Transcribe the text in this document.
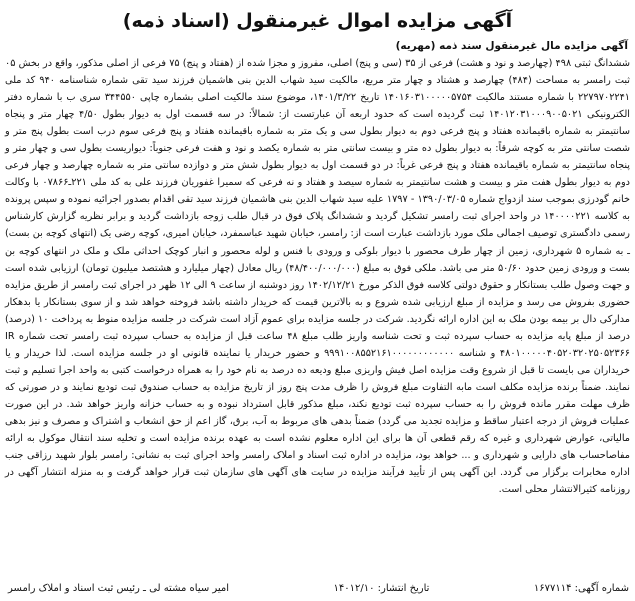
آگهی مزایده اموال غیرمنقول (اسناد ذمه)
آگهی مزایده مال غیرمنقول سند ذمه (مهریه)

ششدانگ ثبتی ۴۹۸ (چهارصد و نود و هشت) فرعی از ۳۵ (سی و پنج) اصلی، مفروز و مجزا شده از (هفتاد و پنج) ۷۵ فرعی از اصلی مذکور، واقع در بخش ۰۵ ثبت رامسر به مساحت (۴۸۴) چهارصد و هشتاد و چهار متر مربع، مالکیت سید شهاب الدین بنی هاشمیان فرزند سید تقی شماره شناسنامه ۹۴۰ کد ملی ۲۲۷۹۷۰۲۲۴۱ با شماره مستند مالکیت ۱۴۰۱۶۰۳۱۰۰۰۰۰۵۷۵۴ تاریخ ۱۴۰۱/۳/۲۲، موضوع سند مالکیت اصلی بشماره چاپی ۳۴۴۵۵۰ سری ب با شماره دفتر الکترونیکی ۱۴۰۱۲۰۳۱۰۰۰۹۰۰۵۰۲۱ ثبت گردیده است که حدود اربعه آن عبارتست از: شمالاً: در سه قسمت اول به دیوار بطول ۴/۵۰ چهار متر و پنجاه سانتیمتر به شماره باقیمانده هفتاد و پنج فرعی دوم به دیوار بطول سی و یک متر به شماره باقیمانده هفتاد و پنج فرعی سوم درب است بطول پنج متر و شصت سانتی متر به کوچه شرقاً: به دیوار بطول ده متر و بیست سانتی متر به شماره یکصد و نود و هفت فرعی جنوباً: دیواریست بطول سی و چهار متر و پنجاه سانتیمتر به شماره باقیمانده هفتاد و پنج فرعی غرباً: در دو قسمت اول به دیوار بطول شش متر و دوازده سانتی متر به شماره چهارصد و چهار فرعی دوم به دیوار بطول هفت متر و بیست و هشت سانتیمتر به شماره سیصد و هفتاد و نه فرعی که سمیرا غفوریان فرزند علی به کد ملی ۲۲۱ـ۰۷۸۶۶ با وکالت خانم گودرزی بموجب سند ازدواج شماره ۱۳۹۰/۰۳/۰۵ - ۱۷۹۷ علیه سید شهاب الدین بنی هاشمیان فرزند سید تقی اقدام بصدور اجرائیه نموده و سپس پرونده به کلاسه ۱۴۰۰۰۰۲۲۱ در واحد اجرای ثبت رامسر تشکیل گردید و ششدانگ پلاک فوق در قبال طلب زوجه بازداشت گردید و برابر نظریه گزارش کارشناس رسمی دادگستری توصیف اجمالی ملک مورد بازداشت عبارت است از: رامسر، خیابان شهید عباسمفرد، خیابان امیری، کوچه رضی یک (انتهای کوچه بن بست) ـ به شماره ۵ شهرداری، زمین از چهار طرف محصور با دیوار بلوکی و ورودی با فنس و لوله محصور و انبار کوچک احداثی ملک و ملک در انتهای کوچه بن بست و ورودی زمین حدود ۵۰/۶۰ متر می باشد. ملکی فوق به مبلغ (۴۸/۴۰۰/۰۰۰/۰۰۰) ریال معادل (چهار میلیارد و هشتصد میلیون تومان) ارزیابی شده است و جهت وصول طلب بستانکار و حقوق دولتی کلاسه فوق الذکر مورخ ۱۴۰۲/۱۲/۲۱ روز دوشنبه از ساعت ۹ الی ۱۲ ظهر در اجرای ثبت رامسر از طریق مزایده حضوری بفروش می رسد و مزایده از مبلغ ارزیابی شده شروع و به بالاترین قیمت که خریدار داشته باشد فروخته خواهد شد و از سوی بستانکار یا بدهکار مدارکی دال بر بیمه بودن ملک به این اداره ارائه نگردید. شرکت در جلسه مزایده برای عموم آزاد است شرکت در جلسه مزایده منوط به پرداخت ۱۰ (درصد) درصد از مبلغ پایه مزایده به حساب سپرده ثبت و تحت شناسه واریز طلب مبلغ ۴۸ ساعت قبل از مزایده به حساب سپرده ثبت رامسر تحت شماره IR ۴۸۰۱۰۰۰۰۰۴۰۵۲۰۳۲۰۲۵۰۵۲۳۶۶ و شناسه ۹۹۹۱۰۰۸۵۵۲۱۶۱۰۰۰۰۰۰۰۰۰۰۰۰ و حضور خریدار یا نماینده قانونی او در جلسه مزایده است. لذا خریدار و یا خریداران می بایست تا قبل از شروع وقت مزایده اصل فیش واریزی مبلغ ودیعه ده درصد به نام خود را به همراه درخواست کتبی به واحد اجرا تسلیم و ثبت نمایند. ضمناً برنده مزایده مکلف است مابه التفاوت مبلغ فروش را ظرف مدت پنج روز از تاریخ مزایده به حساب صندوق ثبت تودیع نمایند و در صورتی که ظرف مهلت مقرر مانده فروش را به حساب سپرده ثبت تودیع نکند، مبلغ مذکور قابل استرداد نبوده و به حساب خزانه واریز خواهد شد. در این صورت عملیات فروش از درجه اعتبار ساقط و مزایده تجدید می گردد) ضمناً بدهی های مربوط به آب، برق، گاز اعم از حق انشعاب و اشتراک و مصرف و نیز بدهی مالیاتی، عوارض شهرداری و غیره که رقم قطعی آن ها برای این اداره معلوم نشده است به عهده برنده مزایده است و تخلیه سند انتقال موکول به ارائه مفاصاحساب های دارایی و شهرداری و ... خواهد بود، مزایده در اداره ثبت اسناد و املاک رامسر واحد اجرای ثبت به نشانی: رامسر بلوار شهید رزاقی جنب اداره مخابرات برگزار می گردد. این آگهی پس از تأیید فرآیند مزایده در سایت های آگهی های سازمان ثبت قرار خواهد گرفت و به منزله انتشار آگهی در روزنامه کثیرالانتشار محلی است.

شماره آگهی: ۱۶۷۷۱۱۴
تاریخ انتشار: ۱۴۰۱۲/۱۰
امیر سیاه مشته لی ـ رئیس ثبت اسناد و املاک رامسر
